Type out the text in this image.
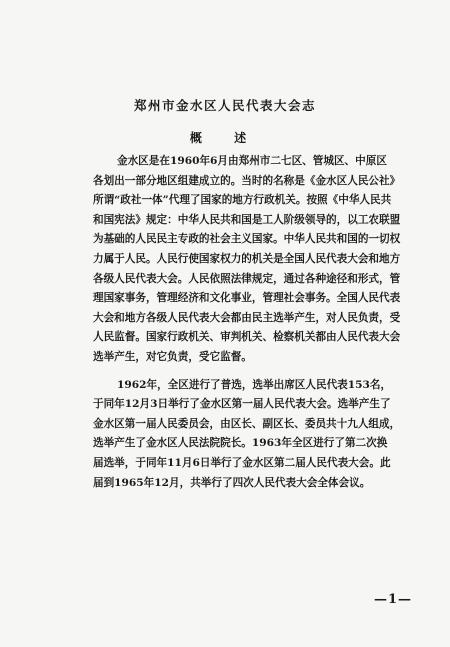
郑州市金水区人民代表大会志
概 述
金水区是在1960年6月由郑州市二七区、管城区、中原区
各划出一部分地区组建成立的。当时的名称是《金水区人民公社》
所谓“政社一体”代理了国家的地方行政机关。按照《中华人民共
和国宪法》规定：中华人民共和国是工人阶级领导的，以工农联盟
为基础的人民民主专政的社会主义国家。中华人民共和国的一切权
力属于人民。人民行使国家权力的机关是全国人民代表大会和地方
各级人民代表大会。人民依照法律规定，通过各种途径和形式，管
理国家事务，管理经济和文化事业，管理社会事务。全国人民代表
大会和地方各级人民代表大会都由民主选举产生，对人民负责，受
人民监督。国家行政机关、审判机关、检察机关都由人民代表大会
选举产生，对它负责，受它监督。
1962年，全区进行了普选，选举出席区人民代表153名，
于同年12月3日举行了金水区第一届人民代表大会。选举产生了
金水区第一届人民委员会，由区长、副区长、委员共十九人组成，
选举产生了金水区人民法院院长。1963年全区进行了第二次换
届选举，于同年11月6日举行了金水区第二届人民代表大会。此
届到1965年12月，共举行了四次人民代表大会全体会议。
—1—
